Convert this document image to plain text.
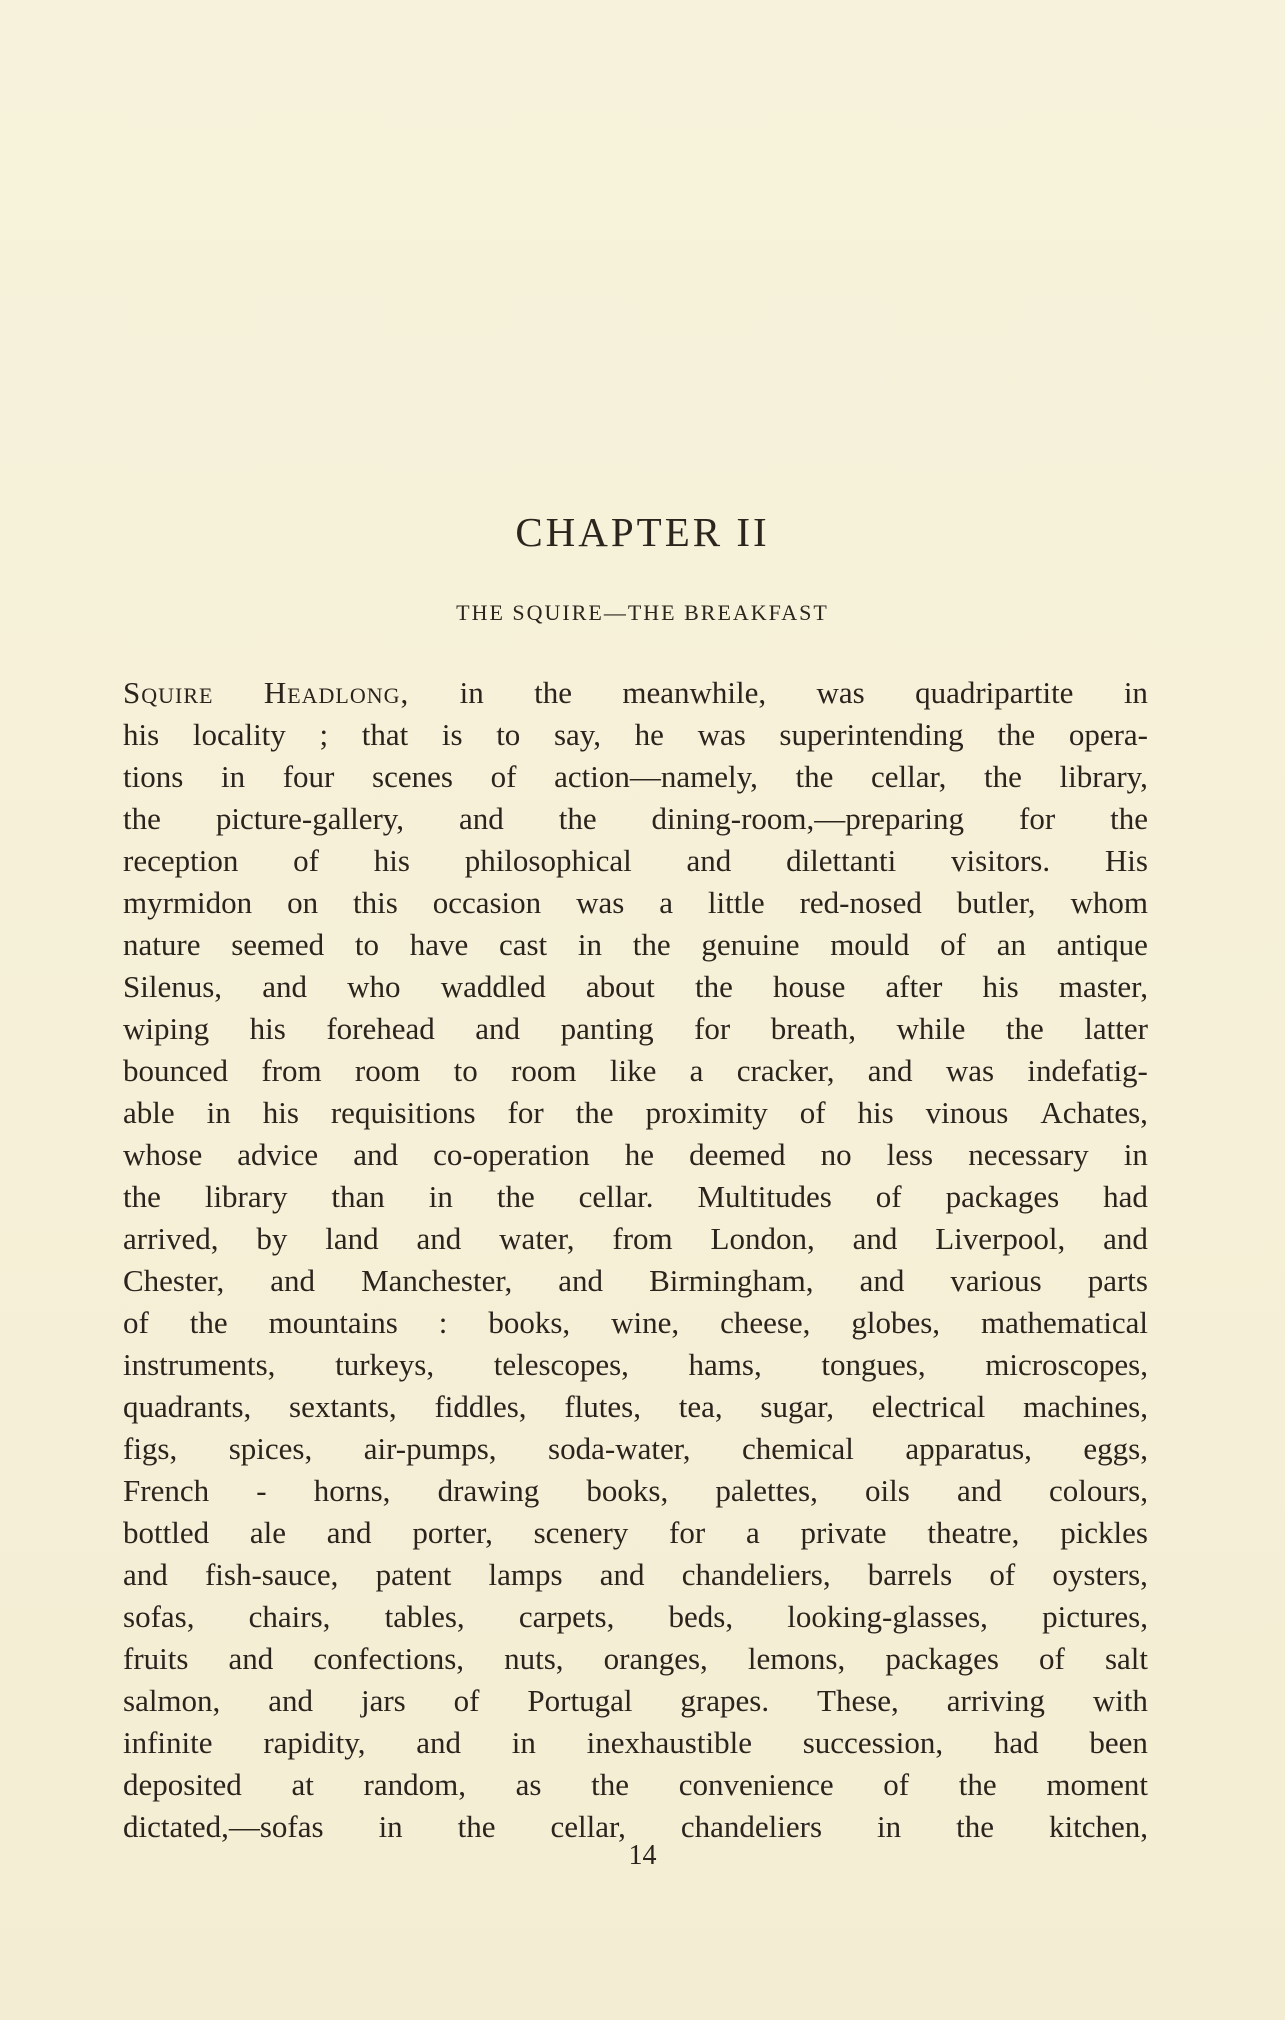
CHAPTER II
THE SQUIRE—THE BREAKFAST
Squire Headlong, in the meanwhile, was quadripartite in
his locality ; that is to say, he was superintending the opera-
tions in four scenes of action—namely, the cellar, the library,
the picture-gallery, and the dining-room,—preparing for the
reception of his philosophical and dilettanti visitors. His
myrmidon on this occasion was a little red-nosed butler, whom
nature seemed to have cast in the genuine mould of an antique
Silenus, and who waddled about the house after his master,
wiping his forehead and panting for breath, while the latter
bounced from room to room like a cracker, and was indefatig-
able in his requisitions for the proximity of his vinous Achates,
whose advice and co-operation he deemed no less necessary in
the library than in the cellar. Multitudes of packages had
arrived, by land and water, from London, and Liverpool, and
Chester, and Manchester, and Birmingham, and various parts
of the mountains : books, wine, cheese, globes, mathematical
instruments, turkeys, telescopes, hams, tongues, microscopes,
quadrants, sextants, fiddles, flutes, tea, sugar, electrical machines,
figs, spices, air-pumps, soda-water, chemical apparatus, eggs,
French - horns, drawing books, palettes, oils and colours,
bottled ale and porter, scenery for a private theatre, pickles
and fish-sauce, patent lamps and chandeliers, barrels of oysters,
sofas, chairs, tables, carpets, beds, looking-glasses, pictures,
fruits and confections, nuts, oranges, lemons, packages of salt
salmon, and jars of Portugal grapes. These, arriving with
infinite rapidity, and in inexhaustible succession, had been
deposited at random, as the convenience of the moment
dictated,—sofas in the cellar, chandeliers in the kitchen,
14
